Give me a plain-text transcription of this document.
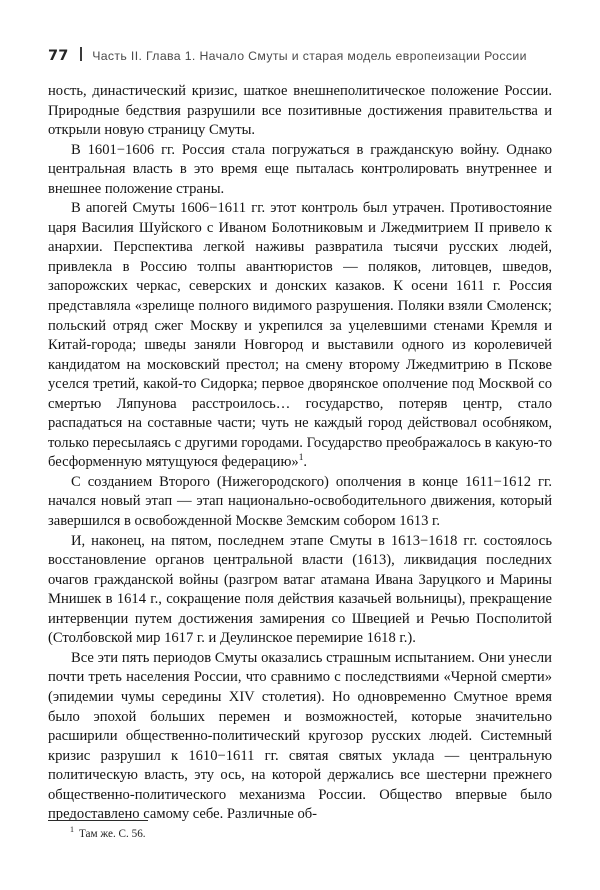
77 Часть II. Глава 1. Начало Смуты и старая модель европеизации России

ность, династический кризис, шаткое внешнеполитическое положение России. Природные бедствия разрушили все позитивные достижения правительства и открыли новую страницу Смуты.

В 1601−1606 гг. Россия стала погружаться в гражданскую войну. Однако центральная власть в это время еще пыталась контролировать внутреннее и внешнее положение страны.

В апогей Смуты 1606−1611 гг. этот контроль был утрачен. Противостояние царя Василия Шуйского с Иваном Болотниковым и Лжедмитрием II привело к анархии. Перспектива легкой наживы развратила тысячи русских людей, привлекла в Россию толпы авантюристов — поляков, литовцев, шведов, запорожских черкас, северских и донских казаков. К осени 1611 г. Россия представляла «зрелище полного видимого разрушения. Поляки взяли Смоленск; польский отряд сжег Москву и укрепился за уцелевшими стенами Кремля и Китай-города; шведы заняли Новгород и выставили одного из королевичей кандидатом на московский престол; на смену второму Лжедмитрию в Пскове уселся третий, какой-то Сидорка; первое дворянское ополчение под Москвой со смертью Ляпунова расстроилось… государство, потеряв центр, стало распадаться на составные части; чуть не каждый город действовал особняком, только пересылаясь с другими городами. Государство преображалось в какую-то бесформенную мятущуюся федерацию»$^1$.

С созданием Второго (Нижегородского) ополчения в конце 1611−1612 гг. начался новый этап — этап национально-освободительного движения, который завершился в освобожденной Москве Земским собором 1613 г.

И, наконец, на пятом, последнем этапе Смуты в 1613−1618 гг. состоялось восстановление органов центральной власти (1613), ликвидация последних очагов гражданской войны (разгром ватаг атамана Ивана Заруцкого и Марины Мнишек в 1614 г., сокращение поля действия казачьей вольницы), прекращение интервенции путем достижения замирения со Швецией и Речью Посполитой (Столбовской мир 1617 г. и Деулинское перемирие 1618 г.).

Все эти пять периодов Смуты оказались страшным испытанием. Они унесли почти треть населения России, что сравнимо с последствиями «Черной смерти» (эпидемии чумы середины XIV столетия). Но одновременно Смутное время было эпохой больших перемен и возможностей, которые значительно расширили общественно-политический кругозор русских людей. Системный кризис разрушил к 1610−1611 гг. святая святых уклада — центральную политическую власть, эту ось, на которой держались все шестерни прежнего общественно-политического механизма России. Общество впервые было предоставлено самому себе. Различные об-

$^1$ Там же. С. 56.
